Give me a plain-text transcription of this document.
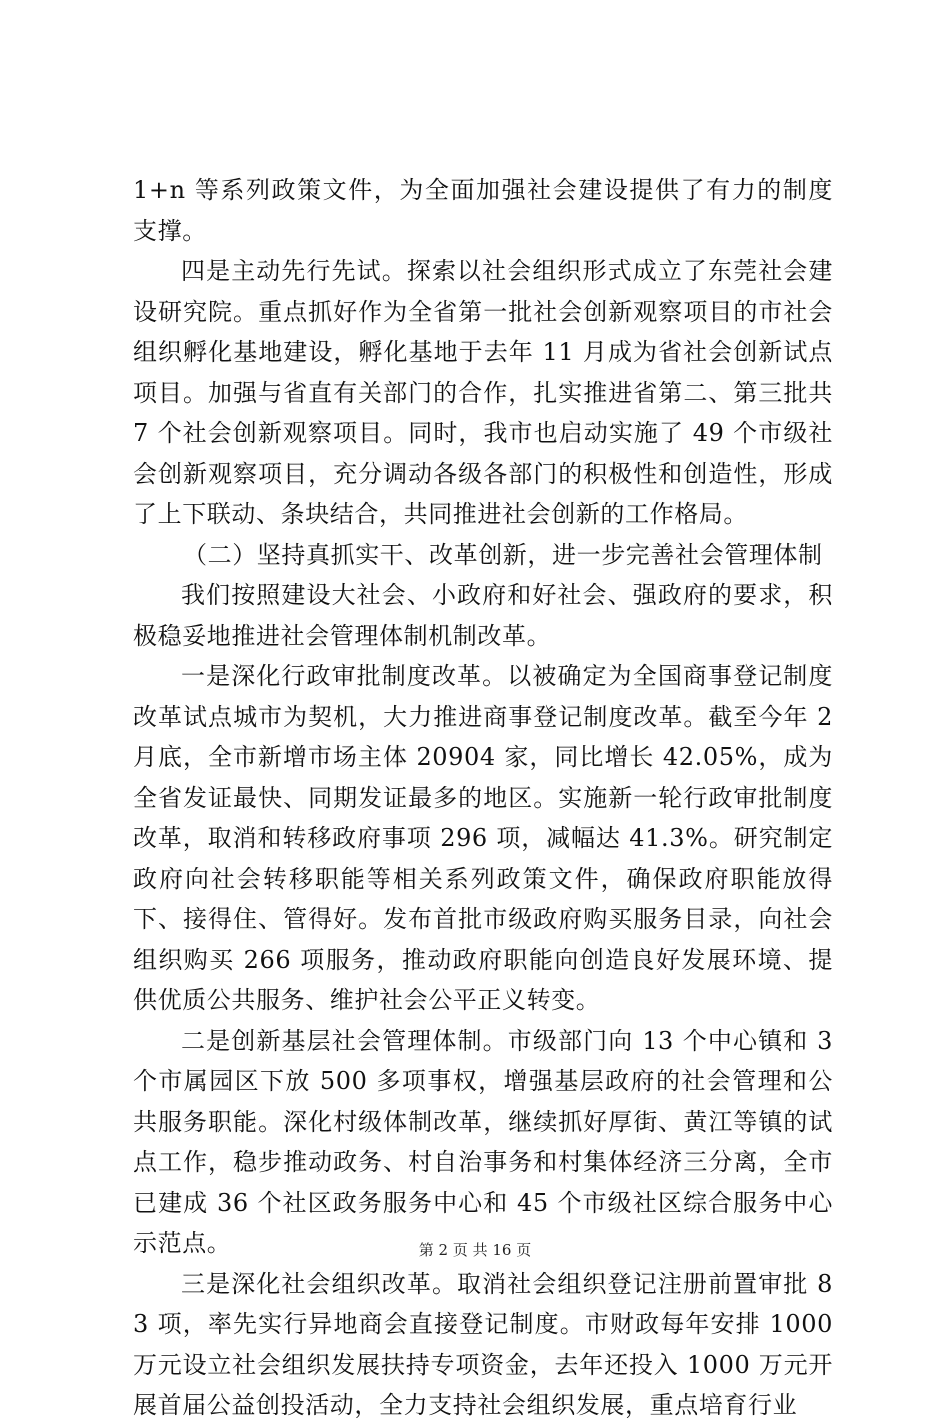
1+n 等系列政策文件，为全面加强社会建设提供了有力的制度支撑。

四是主动先行先试。探索以社会组织形式成立了东莞社会建设研究院。重点抓好作为全省第一批社会创新观察项目的市社会组织孵化基地建设，孵化基地于去年 11 月成为省社会创新试点项目。加强与省直有关部门的合作，扎实推进省第二、第三批共 7 个社会创新观察项目。同时，我市也启动实施了 49 个市级社会创新观察项目，充分调动各级各部门的积极性和创造性，形成了上下联动、条块结合，共同推进社会创新的工作格局。

（二）坚持真抓实干、改革创新，进一步完善社会管理体制

我们按照建设大社会、小政府和好社会、强政府的要求，积极稳妥地推进社会管理体制机制改革。

一是深化行政审批制度改革。以被确定为全国商事登记制度改革试点城市为契机，大力推进商事登记制度改革。截至今年 2 月底，全市新增市场主体 20904 家，同比增长 42.05%，成为全省发证最快、同期发证最多的地区。实施新一轮行政审批制度改革，取消和转移政府事项 296 项，减幅达 41.3%。研究制定政府向社会转移职能等相关系列政策文件，确保政府职能放得下、接得住、管得好。发布首批市级政府购买服务目录，向社会组织购买 266 项服务，推动政府职能向创造良好发展环境、提供优质公共服务、维护社会公平正义转变。

二是创新基层社会管理体制。市级部门向 13 个中心镇和 3 个市属园区下放 500 多项事权，增强基层政府的社会管理和公共服务职能。深化村级体制改革，继续抓好厚街、黄江等镇的试点工作，稳步推动政务、村自治事务和村集体经济三分离，全市已建成 36 个社区政务服务中心和 45 个市级社区综合服务中心示范点。

三是深化社会组织改革。取消社会组织登记注册前置审批 83 项，率先实行异地商会直接登记制度。市财政每年安排 1000 万元设立社会组织发展扶持专项资金，去年还投入 1000 万元开展首届公益创投活动，全力支持社会组织发展，重点培育行业

第 2 页 共 16 页
